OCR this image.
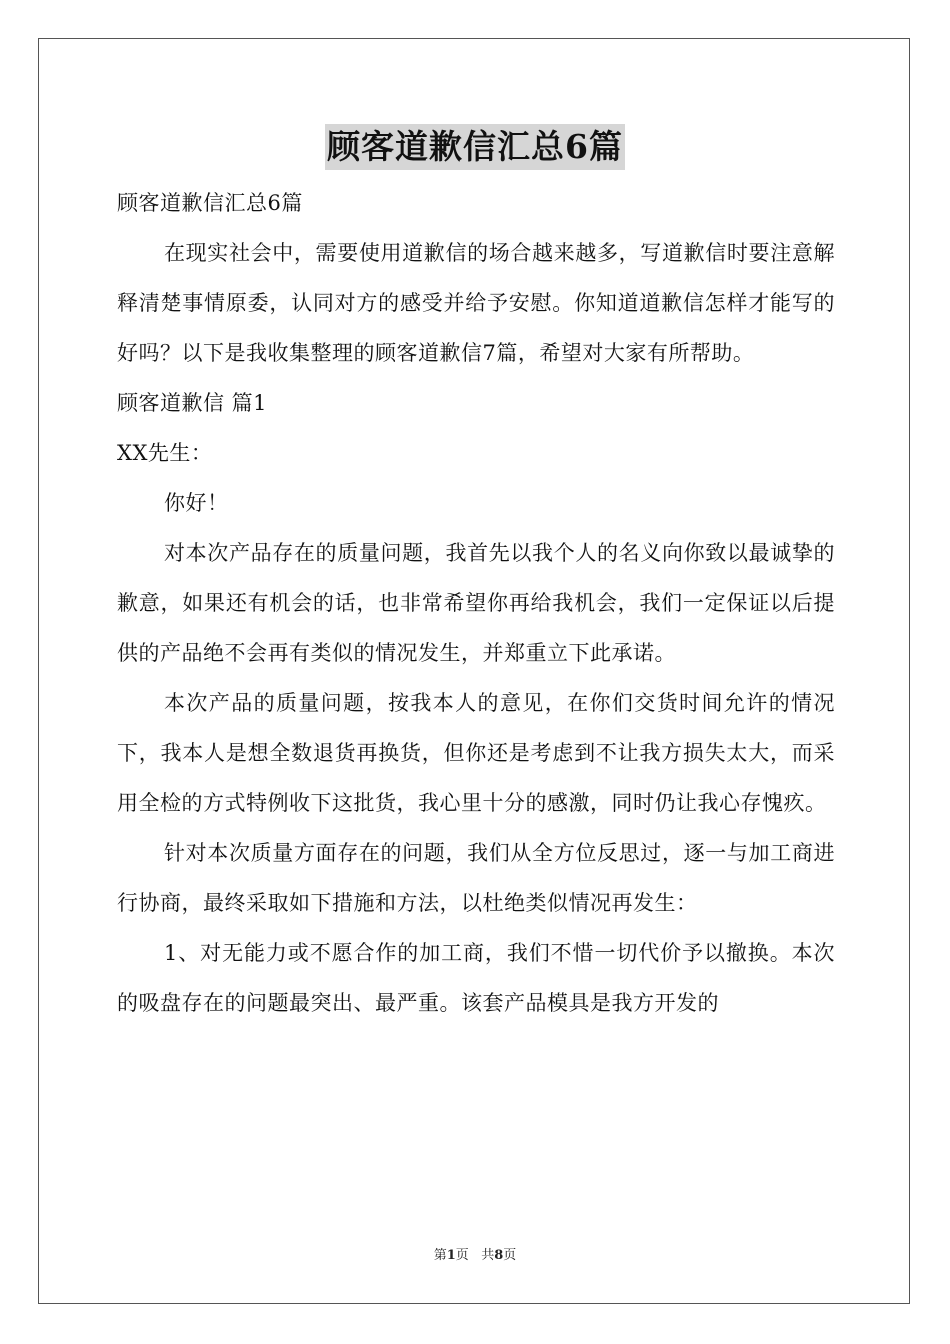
顾客道歉信汇总6篇

顾客道歉信汇总6篇

在现实社会中，需要使用道歉信的场合越来越多，写道歉信时要注意解释清楚事情原委，认同对方的感受并给予安慰。你知道道歉信怎样才能写的好吗？以下是我收集整理的顾客道歉信7篇，希望对大家有所帮助。

顾客道歉信 篇1

XX先生：

你好！

对本次产品存在的质量问题，我首先以我个人的名义向你致以最诚挚的歉意，如果还有机会的话，也非常希望你再给我机会，我们一定保证以后提供的产品绝不会再有类似的情况发生，并郑重立下此承诺。

本次产品的质量问题，按我本人的意见，在你们交货时间允许的情况下，我本人是想全数退货再换货，但你还是考虑到不让我方损失太大，而采用全检的方式特例收下这批货，我心里十分的感激，同时仍让我心存愧疚。

针对本次质量方面存在的问题，我们从全方位反思过，逐一与加工商进行协商，最终采取如下措施和方法，以杜绝类似情况再发生：

1、对无能力或不愿合作的加工商，我们不惜一切代价予以撤换。本次的吸盘存在的问题最突出、最严重。该套产品模具是我方开发的

第1页 共8页
